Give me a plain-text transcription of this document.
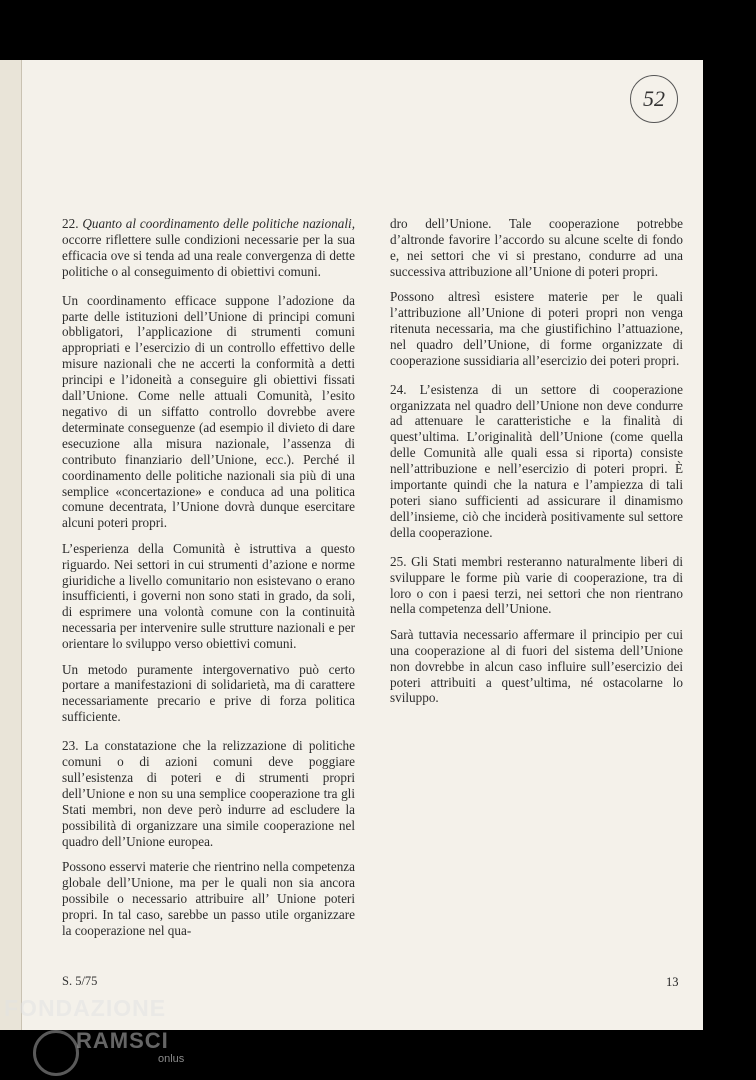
52

22. Quanto al coordinamento delle politiche nazionali, occorre riflettere sulle condizioni necessarie per la sua efficacia ove si tenda ad una reale convergenza di dette politiche o al conseguimento di obiettivi comuni.

Un coordinamento efficace suppone l’adozione da parte delle istituzioni dell’Unione di principi comuni obbligatori, l’applicazione di strumenti comuni appropriati e l’esercizio di un controllo effettivo delle misure nazionali che ne accerti la conformità a detti principi e l’idoneità a conseguire gli obiettivi fissati dall’Unione. Come nelle attuali Comunità, l’esito negativo di un siffatto controllo dovrebbe avere determinate conseguenze (ad esempio il divieto di dare esecuzione alla misura nazionale, l’assenza di contributo finanziario dell’Unione, ecc.). Perché il coordinamento delle politiche nazionali sia più di una semplice «concertazione» e conduca ad una politica comune decentrata, l’Unione dovrà dunque esercitare alcuni poteri propri.

L’esperienza della Comunità è istruttiva a questo riguardo. Nei settori in cui strumenti d’azione e norme giuridiche a livello comunitario non esistevano o erano insufficienti, i governi non sono stati in grado, da soli, di esprimere una volontà comune con la continuità necessaria per intervenire sulle strutture nazionali e per orientare lo sviluppo verso obiettivi comuni.

Un metodo puramente intergovernativo può certo portare a manifestazioni di solidarietà, ma di carattere necessariamente precario e prive di forza politica sufficiente.

23. La constatazione che la relizzazione di politiche comuni o di azioni comuni deve poggiare sull’esistenza di poteri e di strumenti propri dell’Unione e non su una semplice cooperazione tra gli Stati membri, non deve però indurre ad escludere la possibilità di organizzare una simile cooperazione nel quadro dell’Unione europea.

Possono esservi materie che rientrino nella competenza globale dell’Unione, ma per le quali non sia ancora possibile o necessario attribuire all’ Unione poteri propri. In tal caso, sarebbe un passo utile organizzare la cooperazione nel qua-

dro dell’Unione. Tale cooperazione potrebbe d’altronde favorire l’accordo su alcune scelte di fondo e, nei settori che vi si prestano, condurre ad una successiva attribuzione all’Unione di poteri propri.

Possono altresì esistere materie per le quali l’attribuzione all’Unione di poteri propri non venga ritenuta necessaria, ma che giustifichino l’attuazione, nel quadro dell’Unione, di forme organizzate di cooperazione sussidiaria all’esercizio dei poteri propri.

24. L’esistenza di un settore di cooperazione organizzata nel quadro dell’Unione non deve condurre ad attenuare le caratteristiche e la finalità di quest’ultima. L’originalità dell’Unione (come quella delle Comunità alle quali essa si riporta) consiste nell’attribuzione e nell’esercizio di poteri propri. È importante quindi che la natura e l’ampiezza di tali poteri siano sufficienti ad assicurare il dinamismo dell’insieme, ciò che inciderà positivamente sul settore della cooperazione.

25. Gli Stati membri resteranno naturalmente liberi di sviluppare le forme più varie di cooperazione, tra di loro o con i paesi terzi, nei settori che non rientrano nella competenza dell’Unione.

Sarà tuttavia necessario affermare il principio per cui una cooperazione al di fuori del sistema dell’Unione non dovrebbe in alcun caso influire sull’esercizio dei poteri attribuiti a quest’ultima, né ostacolarne lo sviluppo.

S. 5/75	13
FONDAZIONE
RAMSCI
onlus
